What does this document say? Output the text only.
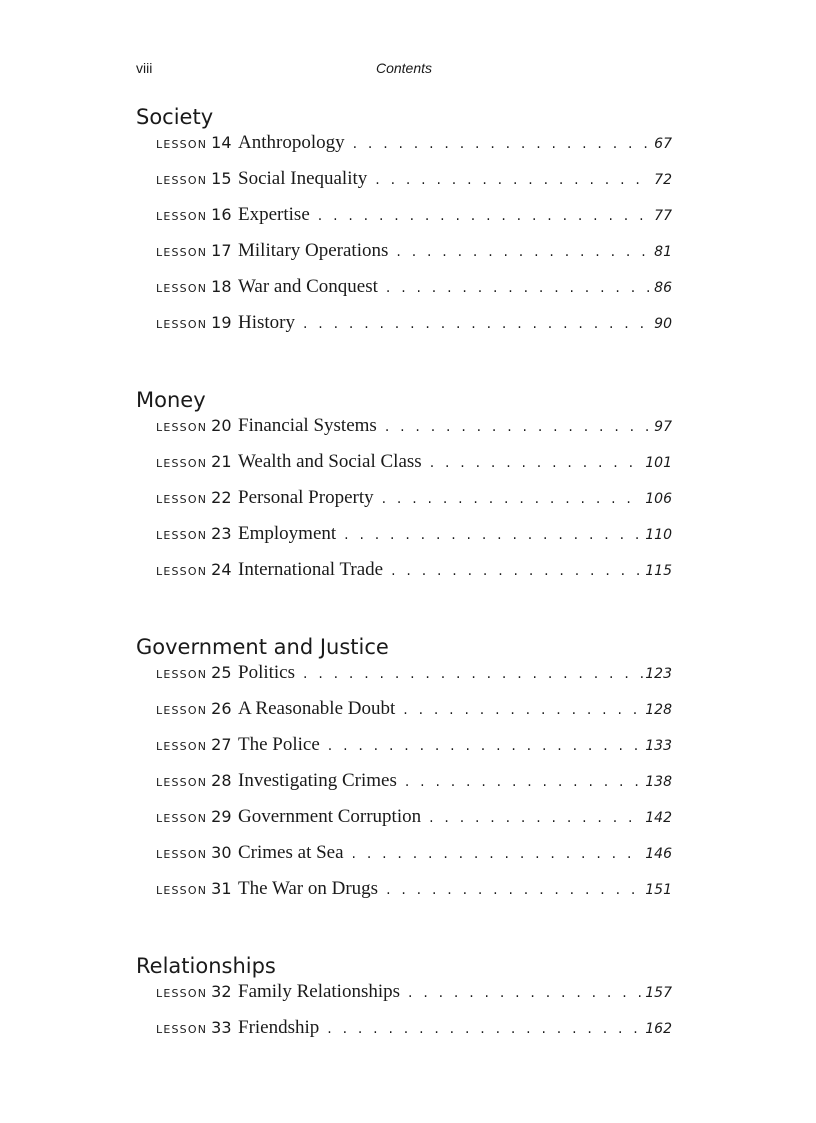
viii	Contents
Society
LESSON 14 Anthropology . . .	67
LESSON 15 Social Inequality . . .	72
LESSON 16 Expertise . . .	77
LESSON 17 Military Operations . . .	81
LESSON 18 War and Conquest . . .	86
LESSON 19 History . . .	90
Money
LESSON 20 Financial Systems . . .	97
LESSON 21 Wealth and Social Class . . .	101
LESSON 22 Personal Property . . .	106
LESSON 23 Employment . . .	110
LESSON 24 International Trade . . .	115
Government and Justice
LESSON 25 Politics . . .	123
LESSON 26 A Reasonable Doubt . . .	128
LESSON 27 The Police . . .	133
LESSON 28 Investigating Crimes . . .	138
LESSON 29 Government Corruption . . .	142
LESSON 30 Crimes at Sea . . .	146
LESSON 31 The War on Drugs . . .	151
Relationships
LESSON 32 Family Relationships . . .	157
LESSON 33 Friendship . . .	162
